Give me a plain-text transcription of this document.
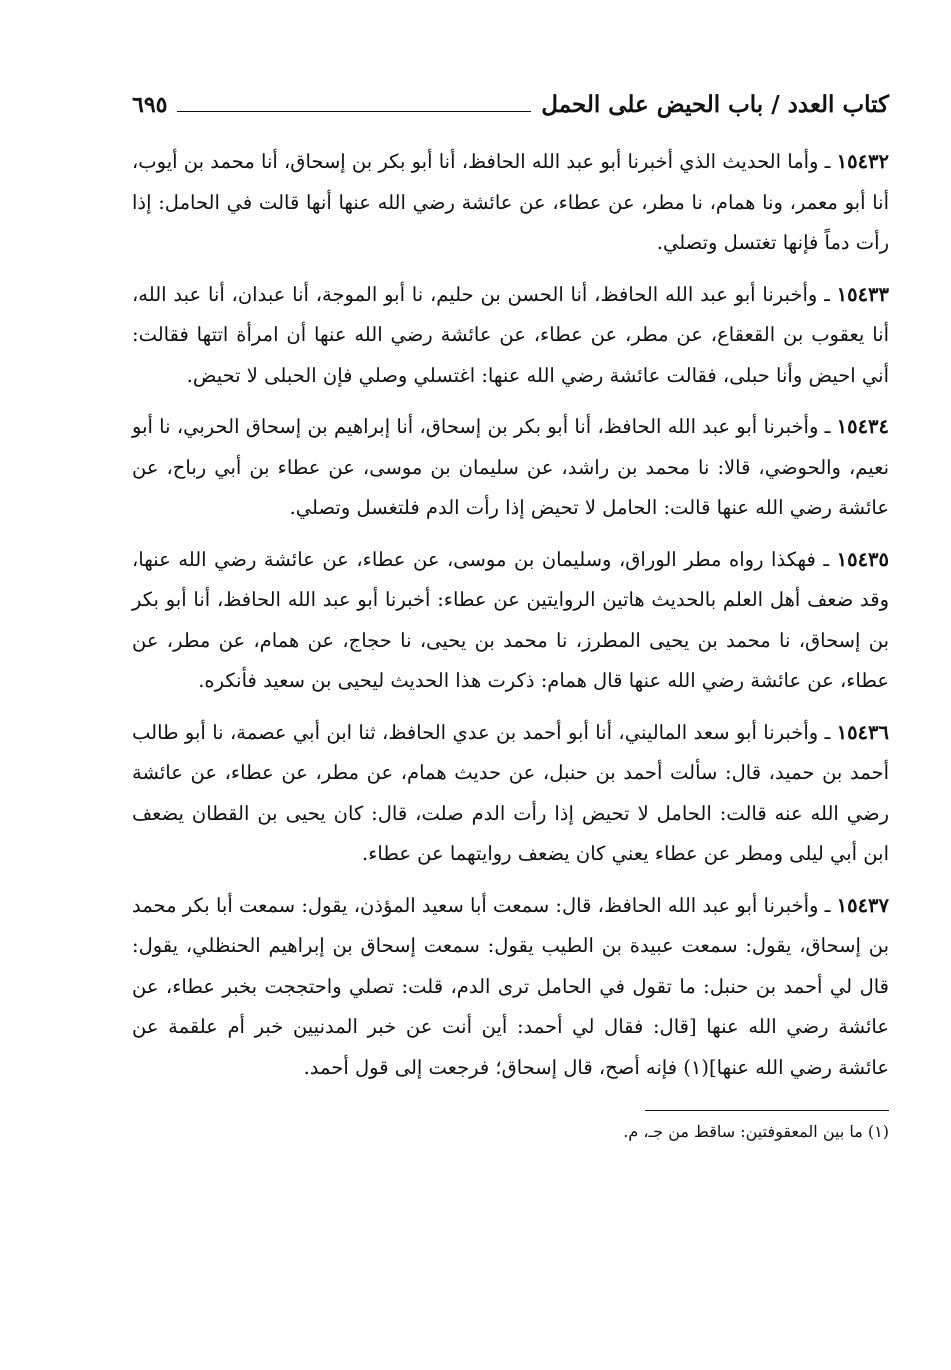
كتاب العدد / باب الحيض على الحمل
٦٩٥

١٥٤٣٢ ـ وأما الحديث الذي أخبرنا أبو عبد الله الحافظ، أنا أبو بكر بن إسحاق، أنا محمد بن أيوب، أنا أبو معمر، ونا همام، نا مطر، عن عطاء، عن عائشة رضي الله عنها أنها قالت في الحامل: إذا رأت دماً فإنها تغتسل وتصلي.

١٥٤٣٣ ـ وأخبرنا أبو عبد الله الحافظ، أنا الحسن بن حليم، نا أبو الموجة، أنا عبدان، أنا عبد الله، أنا يعقوب بن القعقاع، عن مطر، عن عطاء، عن عائشة رضي الله عنها أن امرأة اتتها فقالت: أني احيض وأنا حبلى، فقالت عائشة رضي الله عنها: اغتسلي وصلي فإن الحبلى لا تحيض.

١٥٤٣٤ ـ وأخبرنا أبو عبد الله الحافظ، أنا أبو بكر بن إسحاق، أنا إبراهيم بن إسحاق الحربي، نا أبو نعيم، والحوضي، قالا: نا محمد بن راشد، عن سليمان بن موسى، عن عطاء بن أبي رباح، عن عائشة رضي الله عنها قالت: الحامل لا تحيض إذا رأت الدم فلتغسل وتصلي.

١٥٤٣٥ ـ فهكذا رواه مطر الوراق، وسليمان بن موسى، عن عطاء، عن عائشة رضي الله عنها، وقد ضعف أهل العلم بالحديث هاتين الروايتين عن عطاء: أخبرنا أبو عبد الله الحافظ، أنا أبو بكر بن إسحاق، نا محمد بن يحيى المطرز، نا محمد بن يحيى، نا حجاج، عن همام، عن مطر، عن عطاء، عن عائشة رضي الله عنها قال همام: ذكرت هذا الحديث ليحيى بن سعيد فأنكره.

١٥٤٣٦ ـ وأخبرنا أبو سعد الماليني، أنا أبو أحمد بن عدي الحافظ، ثنا ابن أبي عصمة، نا أبو طالب أحمد بن حميد، قال: سألت أحمد بن حنبل، عن حديث همام، عن مطر، عن عطاء، عن عائشة رضي الله عنه قالت: الحامل لا تحيض إذا رأت الدم صلت، قال: كان يحيى بن القطان يضعف ابن أبي ليلى ومطر عن عطاء يعني كان يضعف روايتهما عن عطاء.

١٥٤٣٧ ـ وأخبرنا أبو عبد الله الحافظ، قال: سمعت أبا سعيد المؤذن، يقول: سمعت أبا بكر محمد بن إسحاق، يقول: سمعت عبيدة بن الطيب يقول: سمعت إسحاق بن إبراهيم الحنظلي، يقول: قال لي أحمد بن حنبل: ما تقول في الحامل ترى الدم، قلت: تصلي واحتججت بخبر عطاء، عن عائشة رضي الله عنها [قال: فقال لي أحمد: أين أنت عن خبر المدنيين خبر أم علقمة عن عائشة رضي الله عنها](١) فإنه أصح، قال إسحاق؛ فرجعت إلى قول أحمد.

(١) ما بين المعقوفتين: ساقط من جـ، م.
